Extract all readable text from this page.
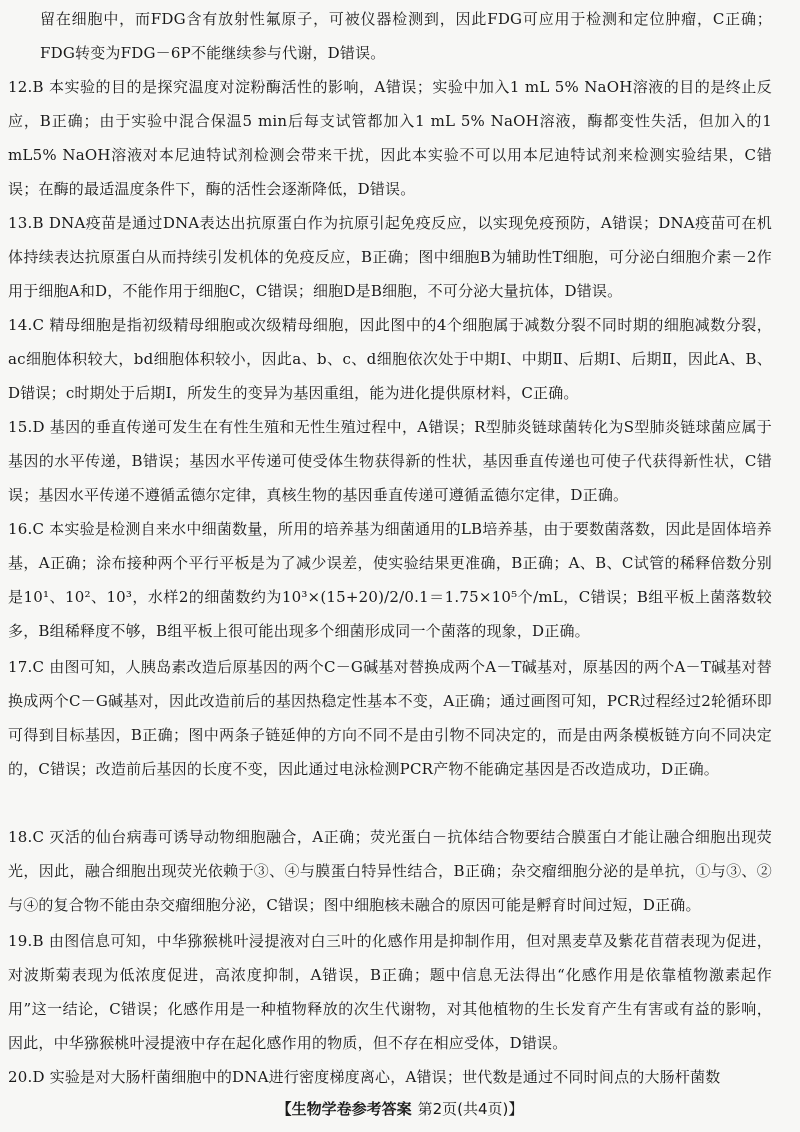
留在细胞中，而FDG含有放射性氟原子，可被仪器检测到，因此FDG可应用于检测和定位肿瘤，C正确；FDG转变为FDG－6P不能继续参与代谢，D错误。

12.B 本实验的目的是探究温度对淀粉酶活性的影响，A错误；实验中加入1 mL 5% NaOH溶液的目的是终止反应，B正确；由于实验中混合保温5 min后每支试管都加入1 mL 5% NaOH溶液，酶都变性失活，但加入的1 mL5% NaOH溶液对本尼迪特试剂检测会带来干扰，因此本实验不可以用本尼迪特试剂来检测实验结果，C错误；在酶的最适温度条件下，酶的活性会逐渐降低，D错误。
13.B DNA疫苗是通过DNA表达出抗原蛋白作为抗原引起免疫反应，以实现免疫预防，A错误；DNA疫苗可在机体持续表达抗原蛋白从而持续引发机体的免疫反应，B正确；图中细胞B为辅助性T细胞，可分泌白细胞介素－2作用于细胞A和D，不能作用于细胞C，C错误；细胞D是B细胞，不可分泌大量抗体，D错误。
14.C 精母细胞是指初级精母细胞或次级精母细胞，因此图中的4个细胞属于减数分裂不同时期的细胞减数分裂，ac细胞体积较大，bd细胞体积较小，因此a、b、c、d细胞依次处于中期Ⅰ、中期Ⅱ、后期Ⅰ、后期Ⅱ，因此A、B、D错误；c时期处于后期Ⅰ，所发生的变异为基因重组，能为进化提供原材料，C正确。
15.D 基因的垂直传递可发生在有性生殖和无性生殖过程中，A错误；R型肺炎链球菌转化为S型肺炎链球菌应属于基因的水平传递，B错误；基因水平传递可使受体生物获得新的性状，基因垂直传递也可使子代获得新性状，C错误；基因水平传递不遵循孟德尔定律，真核生物的基因垂直传递可遵循孟德尔定律，D正确。
16.C 本实验是检测自来水中细菌数量，所用的培养基为细菌通用的LB培养基，由于要数菌落数，因此是固体培养基，A正确；涂布接种两个平行平板是为了减少误差，使实验结果更准确，B正确；A、B、C试管的稀释倍数分别是10¹、10²、10³，水样2的细菌数约为10³×(15+20)/2/0.1＝1.75×10⁵个/mL，C错误；B组平板上菌落数较多，B组稀释度不够，B组平板上很可能出现多个细菌形成同一个菌落的现象，D正确。
17.C 由图可知，人胰岛素改造后原基因的两个C－G碱基对替换成两个A－T碱基对，原基因的两个A－T碱基对替换成两个C－G碱基对，因此改造前后的基因热稳定性基本不变，A正确；通过画图可知，PCR过程经过2轮循环即可得到目标基因，B正确；图中两条子链延伸的方向不同不是由引物不同决定的，而是由两条模板链方向不同决定的，C错误；改造前后基因的长度不变，因此通过电泳检测PCR产物不能确定基因是否改造成功，D正确。
18.C 灭活的仙台病毒可诱导动物细胞融合，A正确；荧光蛋白－抗体结合物要结合膜蛋白才能让融合细胞出现荧光，因此，融合细胞出现荧光依赖于③、④与膜蛋白特异性结合，B正确；杂交瘤细胞分泌的是单抗，①与③、②与④的复合物不能由杂交瘤细胞分泌，C错误；图中细胞核未融合的原因可能是孵育时间过短，D正确。
19.B 由图信息可知，中华猕猴桃叶浸提液对白三叶的化感作用是抑制作用，但对黑麦草及紫花苜蓿表现为促进，对波斯菊表现为低浓度促进，高浓度抑制，A错误，B正确；题中信息无法得出“化感作用是依靠植物激素起作用”这一结论，C错误；化感作用是一种植物释放的次生代谢物，对其他植物的生长发育产生有害或有益的影响，因此，中华猕猴桃叶浸提液中存在起化感作用的物质，但不存在相应受体，D错误。
20.D 实验是对大肠杆菌细胞中的DNA进行密度梯度离心，A错误；世代数是通过不同时间点的大肠杆菌数
【生物学卷参考答案 第2页(共4页)】
